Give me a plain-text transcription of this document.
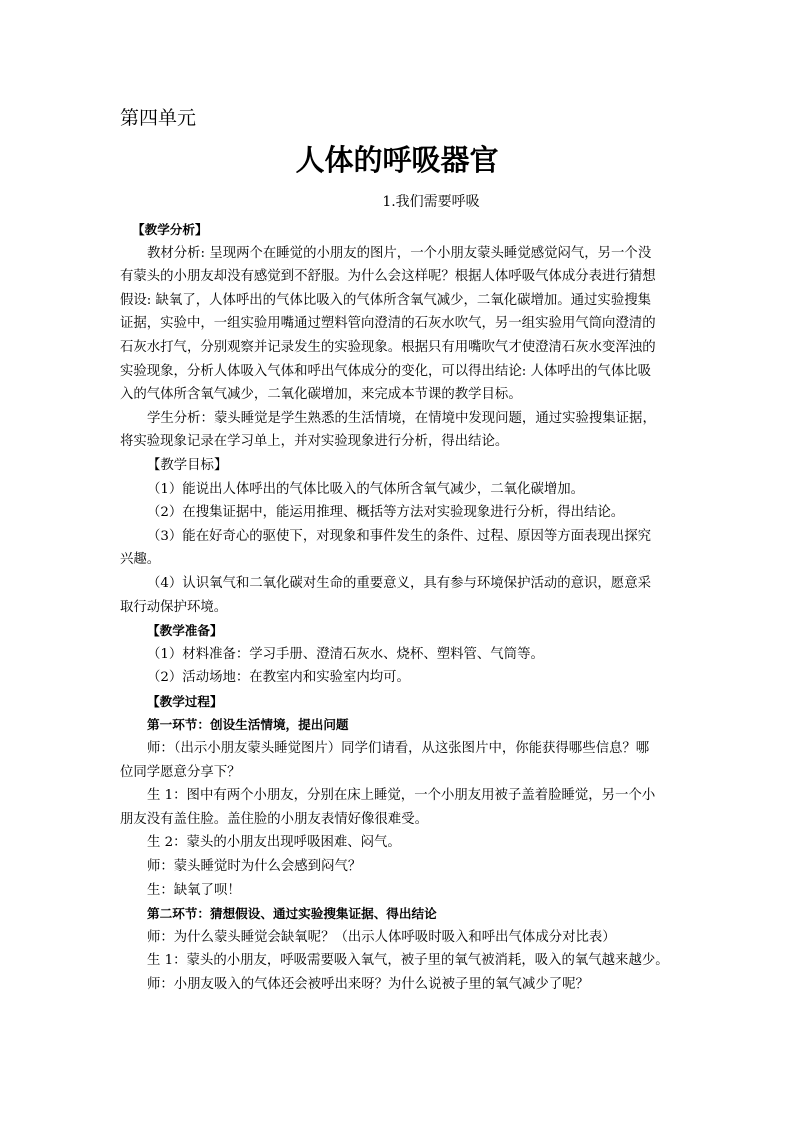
第四单元
人体的呼吸器官
1.我们需要呼吸
【教学分析】
教材分析: 呈现两个在睡觉的小朋友的图片，一个小朋友蒙头睡觉感觉闷气，另一个没
有蒙头的小朋友却没有感觉到不舒服。为什么会这样呢？根据人体呼吸气体成分表进行猜想
假设: 缺氧了，人体呼出的气体比吸入的气体所含氧气减少，二氧化碳增加。通过实验搜集
证据，实验中，一组实验用嘴通过塑料管向澄清的石灰水吹气，另一组实验用气筒向澄清的
石灰水打气，分别观察并记录发生的实验现象。根据只有用嘴吹气才使澄清石灰水变浑浊的
实验现象，分析人体吸入气体和呼出气体成分的变化，可以得出结论: 人体呼出的气体比吸
入的气体所含氧气减少，二氧化碳增加，来完成本节课的教学目标。
学生分析：蒙头睡觉是学生熟悉的生活情境，在情境中发现问题，通过实验搜集证据，
将实验现象记录在学习单上，并对实验现象进行分析，得出结论。
【教学目标】
（1）能说出人体呼出的气体比吸入的气体所含氧气减少，二氧化碳增加。
（2）在搜集证据中，能运用推理、概括等方法对实验现象进行分析，得出结论。
（3）能在好奇心的驱使下，对现象和事件发生的条件、过程、原因等方面表现出探究
兴趣。
（4）认识氧气和二氧化碳对生命的重要意义，具有参与环境保护活动的意识，愿意采
取行动保护环境。
【教学准备】
（1）材料准备：学习手册、澄清石灰水、烧杯、塑料管、气筒等。
（2）活动场地：在教室内和实验室内均可。
【教学过程】
第一环节：创设生活情境，提出问题
师：（出示小朋友蒙头睡觉图片）同学们请看，从这张图片中，你能获得哪些信息？哪
位同学愿意分享下？
生 1：图中有两个小朋友，分别在床上睡觉，一个小朋友用被子盖着脸睡觉，另一个小
朋友没有盖住脸。盖住脸的小朋友表情好像很难受。
生 2：蒙头的小朋友出现呼吸困难、闷气。
师：蒙头睡觉时为什么会感到闷气？
生：缺氧了呗！
第二环节：猜想假设、通过实验搜集证据、得出结论
师：为什么蒙头睡觉会缺氧呢？（出示人体呼吸时吸入和呼出气体成分对比表）
生 1：蒙头的小朋友，呼吸需要吸入氧气，被子里的氧气被消耗，吸入的氧气越来越少。
师：小朋友吸入的气体还会被呼出来呀？为什么说被子里的氧气减少了呢？
